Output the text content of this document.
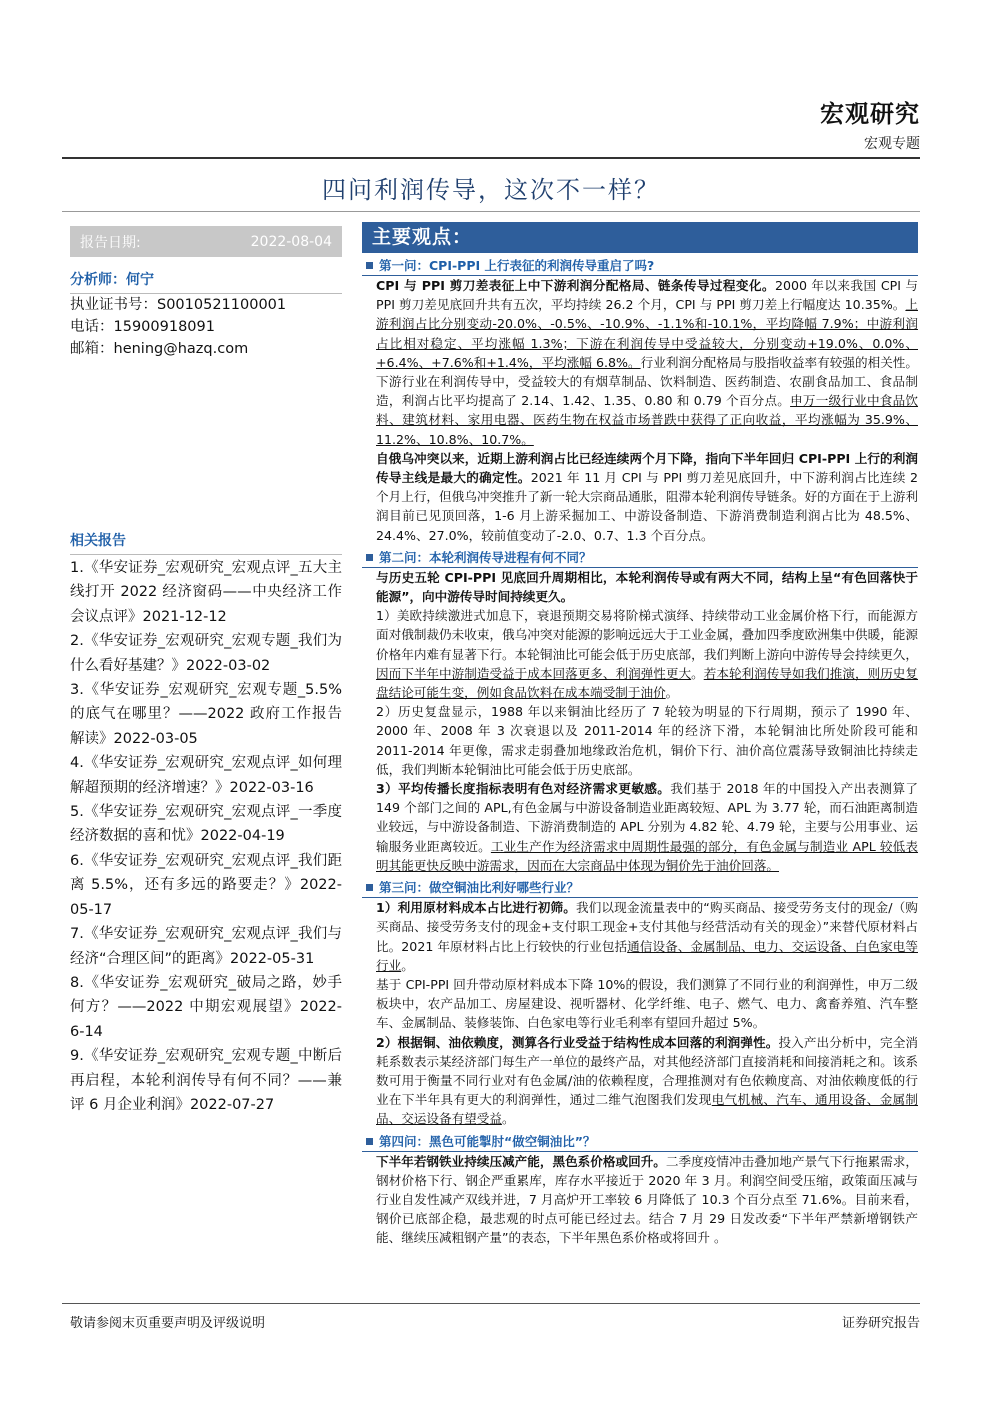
宏观研究
宏观专题
四问利润传导，这次不一样？
报告日期:	2022-08-04
分析师：何宁
执业证书号：S0010521100001
电话：15900918091
邮箱：hening@hazq.com
相关报告

1.《华安证券_宏观研究_宏观点评_五大主线打开 2022 经济窗码——中央经济工作会议点评》2021-12-12

2.《华安证券_宏观研究_宏观专题_我们为什么看好基建？》2022-03-02

3.《华安证券_宏观研究_宏观专题_5.5%的底气在哪里？——2022 政府工作报告解读》2022-03-05

4.《华安证券_宏观研究_宏观点评_如何理解超预期的经济增速？》2022-03-16

5.《华安证券_宏观研究_宏观点评_一季度经济数据的喜和忧》2022-04-19

6.《华安证券_宏观研究_宏观点评_我们距离 5.5%，还有多远的路要走？》2022-05-17

7.《华安证券_宏观研究_宏观点评_我们与经济“合理区间”的距离》2022-05-31

8.《华安证券_宏观研究_破局之路，妙手何方？——2022 中期宏观展望》2022-6-14

9.《华安证券_宏观研究_宏观专题_中断后再启程，本轮利润传导有何不同？——兼评 6 月企业利润》2022-07-27

主要观点：
第一问：CPI-PPI 上行表征的利润传导重启了吗?
CPI 与 PPI 剪刀差表征上中下游利润分配格局、链条传导过程变化。2000 年以来我国 CPI 与 PPI 剪刀差见底回升共有五次，平均持续 26.2 个月，CPI 与 PPI 剪刀差上行幅度达 10.35%。上游利润占比分别变动-20.0%、-0.5%、-10.9%、-1.1%和-10.1%，平均降幅 7.9%；中游利润占比相对稳定、平均涨幅 1.3%；下游在利润传导中受益较大，分别变动+19.0%、0.0%、+6.4%、+7.6%和+1.4%，平均涨幅 6.8%。行业利润分配格局与股指收益率有较强的相关性。下游行业在利润传导中，受益较大的有烟草制品、饮料制造、医药制造、农副食品加工、食品制造，利润占比平均提高了 2.14、1.42、1.35、0.80 和 0.79 个百分点。申万一级行业中食品饮料、建筑材料、家用电器、医药生物在权益市场普跌中获得了正向收益，平均涨幅为 35.9%、11.2%、10.8%、10.7%。
自俄乌冲突以来，近期上游利润占比已经连续两个月下降，指向下半年回归 CPI-PPI 上行的利润传导主线是最大的确定性。2021 年 11 月 CPI 与 PPI 剪刀差见底回升，中下游利润占比连续 2 个月上行，但俄乌冲突推升了新一轮大宗商品通胀，阻滞本轮利润传导链条。好的方面在于上游利润目前已见顶回落，1-6 月上游采掘加工、中游设备制造、下游消费制造利润占比为 48.5%、24.4%、27.0%，较前值变动了-2.0、0.7、1.3 个百分点。
第二问：本轮利润传导进程有何不同？
与历史五轮 CPI-PPI 见底回升周期相比，本轮利润传导或有两大不同，结构上呈“有色回落快于能源”，向中游传导时间持续更久。
1）美欧持续激进式加息下，衰退预期交易将阶梯式演绎、持续带动工业金属价格下行，而能源方面对俄制裁仍未收束，俄乌冲突对能源的影响远远大于工业金属，叠加四季度欧洲集中供暖，能源价格年内难有显著下行。本轮铜油比可能会低于历史底部，我们判断上游向中游传导会持续更久，因而下半年中游制造受益于成本回落更多、利润弹性更大。若本轮利润传导如我们推演，则历史复盘结论可能生变，例如食品饮料在成本端受制于油价。
2）历史复盘显示，1988 年以来铜油比经历了 7 轮较为明显的下行周期，预示了 1990 年、2000 年、2008 年 3 次衰退以及 2011-2014 年的经济下滑，本轮铜油比所处阶段可能和 2011-2014 年更像，需求走弱叠加地缘政治危机，铜价下行、油价高位震荡导致铜油比持续走低，我们判断本轮铜油比可能会低于历史底部。
3）平均传播长度指标表明有色对经济需求更敏感。我们基于 2018 年的中国投入产出表测算了 149 个部门之间的 APL,有色金属与中游设备制造业距离较短、APL 为 3.77 轮，而石油距离制造业较远，与中游设备制造、下游消费制造的 APL 分别为 4.82 轮、4.79 轮，主要与公用事业、运输服务业距离较近。工业生产作为经济需求中周期性最强的部分，有色金属与制造业 APL 较低表明其能更快反映中游需求，因而在大宗商品中体现为铜价先于油价回落。
第三问：做空铜油比利好哪些行业？
1）利用原材料成本占比进行初筛。我们以现金流量表中的“购买商品、接受劳务支付的现金/（购买商品、接受劳务支付的现金+支付职工现金+支付其他与经营活动有关的现金）”来替代原材料占比。2021 年原材料占比上行较快的行业包括通信设备、金属制品、电力、交运设备、白色家电等行业。
基于 CPI-PPI 回升带动原材料成本下降 10%的假设，我们测算了不同行业的利润弹性，申万二级板块中，农产品加工、房屋建设、视听器材、化学纤维、电子、燃气、电力、禽畜养殖、汽车整车、金属制品、装修装饰、白色家电等行业毛利率有望回升超过 5%。
2）根据铜、油依赖度，测算各行业受益于结构性成本回落的利润弹性。投入产出分析中，完全消耗系数表示某经济部门每生产一单位的最终产品，对其他经济部门直接消耗和间接消耗之和。该系数可用于衡量不同行业对有色金属/油的依赖程度，合理推测对有色依赖度高、对油依赖度低的行业在下半年具有更大的利润弹性，通过二维气泡图我们发现电气机械、汽车、通用设备、金属制品、交运设备有望受益。
第四问：黑色可能掣肘“做空铜油比”？
下半年若钢铁业持续压减产能，黑色系价格或回升。二季度疫情冲击叠加地产景气下行拖累需求，钢材价格下行、钢企严重累库，库存水平接近于 2020 年 3 月。利润空间受压缩，政策面压减与行业自发性减产双线并进，7 月高炉开工率较 6 月降低了 10.3 个百分点至 71.6%。目前来看，钢价已底部企稳，最悲观的时点可能已经过去。结合 7 月 29 日发改委“下半年严禁新增钢铁产能、继续压减粗钢产量”的表态，下半年黑色系价格或将回升 。
敬请参阅末页重要声明及评级说明	证券研究报告
